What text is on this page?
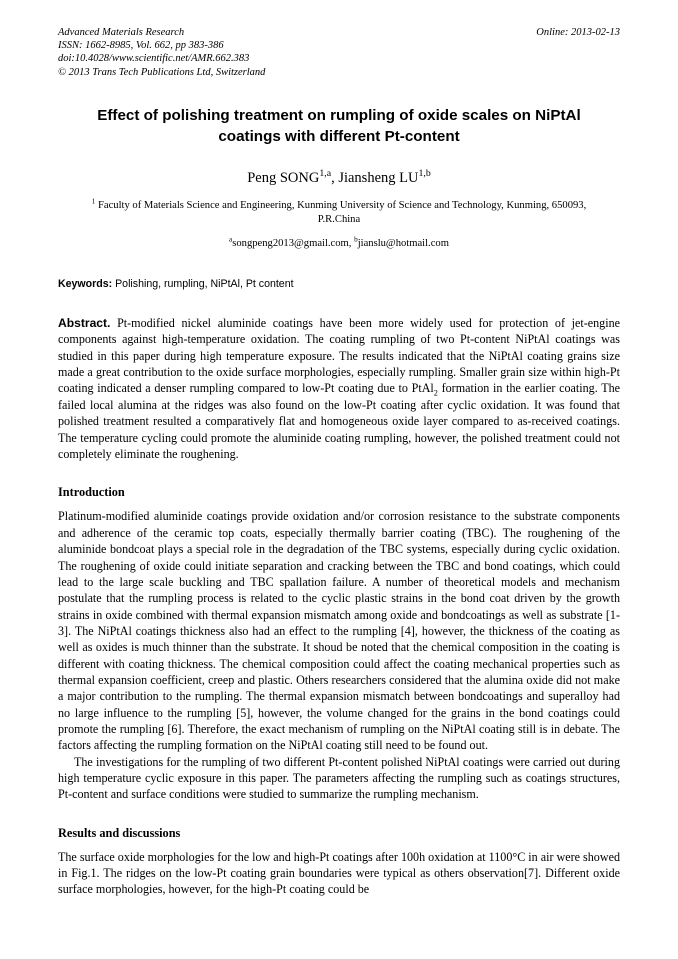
Advanced Materials Research
ISSN: 1662-8985, Vol. 662, pp 383-386
doi:10.4028/www.scientific.net/AMR.662.383
© 2013 Trans Tech Publications Ltd, Switzerland
Online: 2013-02-13
Effect of polishing treatment on rumpling of oxide scales on NiPtAl coatings with different Pt-content
Peng SONG$^{1,a}$, Jiansheng LU$^{1,b}$
$^1$ Faculty of Materials Science and Engineering, Kunming University of Science and Technology, Kunming, 650093, P.R.China
$^a$songpeng2013@gmail.com, $^b$jianslu@hotmail.com
Keywords: Polishing, rumpling, NiPtAl, Pt content
Abstract. Pt-modified nickel aluminide coatings have been more widely used for protection of jet-engine components against high-temperature oxidation. The coating rumpling of two Pt-content NiPtAl coatings was studied in this paper during high temperature exposure. The results indicated that the NiPtAl coating grains size made a great contribution to the oxide surface morphologies, especially rumpling. Smaller grain size within high-Pt coating indicated a denser rumpling compared to low-Pt coating due to PtAl$_2$ formation in the earlier coating. The failed local alumina at the ridges was also found on the low-Pt coating after cyclic oxidation. It was found that polished treatment resulted a comparatively flat and homogeneous oxide layer compared to as-received coatings. The temperature cycling could promote the aluminide coating rumpling, however, the polished treatment could not completely eliminate the roughening.
Introduction
Platinum-modified aluminide coatings provide oxidation and/or corrosion resistance to the substrate components and adherence of the ceramic top coats, especially thermally barrier coating (TBC). The roughening of the aluminide bondcoat plays a special role in the degradation of the TBC systems, especially during cyclic oxidation. The roughening of oxide could initiate separation and cracking between the TBC and bond coatings, which could lead to the large scale buckling and TBC spallation failure. A number of theoretical models and mechanism postulate that the rumpling process is related to the cyclic plastic strains in the bond coat driven by the growth strains in oxide combined with thermal expansion mismatch among oxide and bondcoatings as well as substrate [1-3]. The NiPtAl coatings thickness also had an effect to the rumpling [4], however, the thickness of the coating as well as oxides is much thinner than the substrate. It shoud be noted that the chemical composition in the coating is different with coating thickness. The chemical composition could affect the coating mechanical properties such as thermal expansion coefficient, creep and plastic. Others researchers considered that the alumina oxide did not make a major contribution to the rumpling. The thermal expansion mismatch between bondcoatings and superalloy had no large influence to the rumpling [5], however, the volume changed for the grains in the bond coatings could promote the rumpling [6]. Therefore, the exact mechanism of rumpling on the NiPtAl coating still is in debate. The factors affecting the rumpling formation on the NiPtAl coating still need to be found out.
The investigations for the rumpling of two different Pt-content polished NiPtAl coatings were carried out during high temperature cyclic exposure in this paper. The parameters affecting the rumpling such as coatings structures, Pt-content and surface conditions were studied to summarize the rumpling mechanism.
Results and discussions
The surface oxide morphologies for the low and high-Pt coatings after 100h oxidation at 1100°C in air were showed in Fig.1. The ridges on the low-Pt coating grain boundaries were typical as others observation[7]. Different oxide surface morphologies, however, for the high-Pt coating could be
